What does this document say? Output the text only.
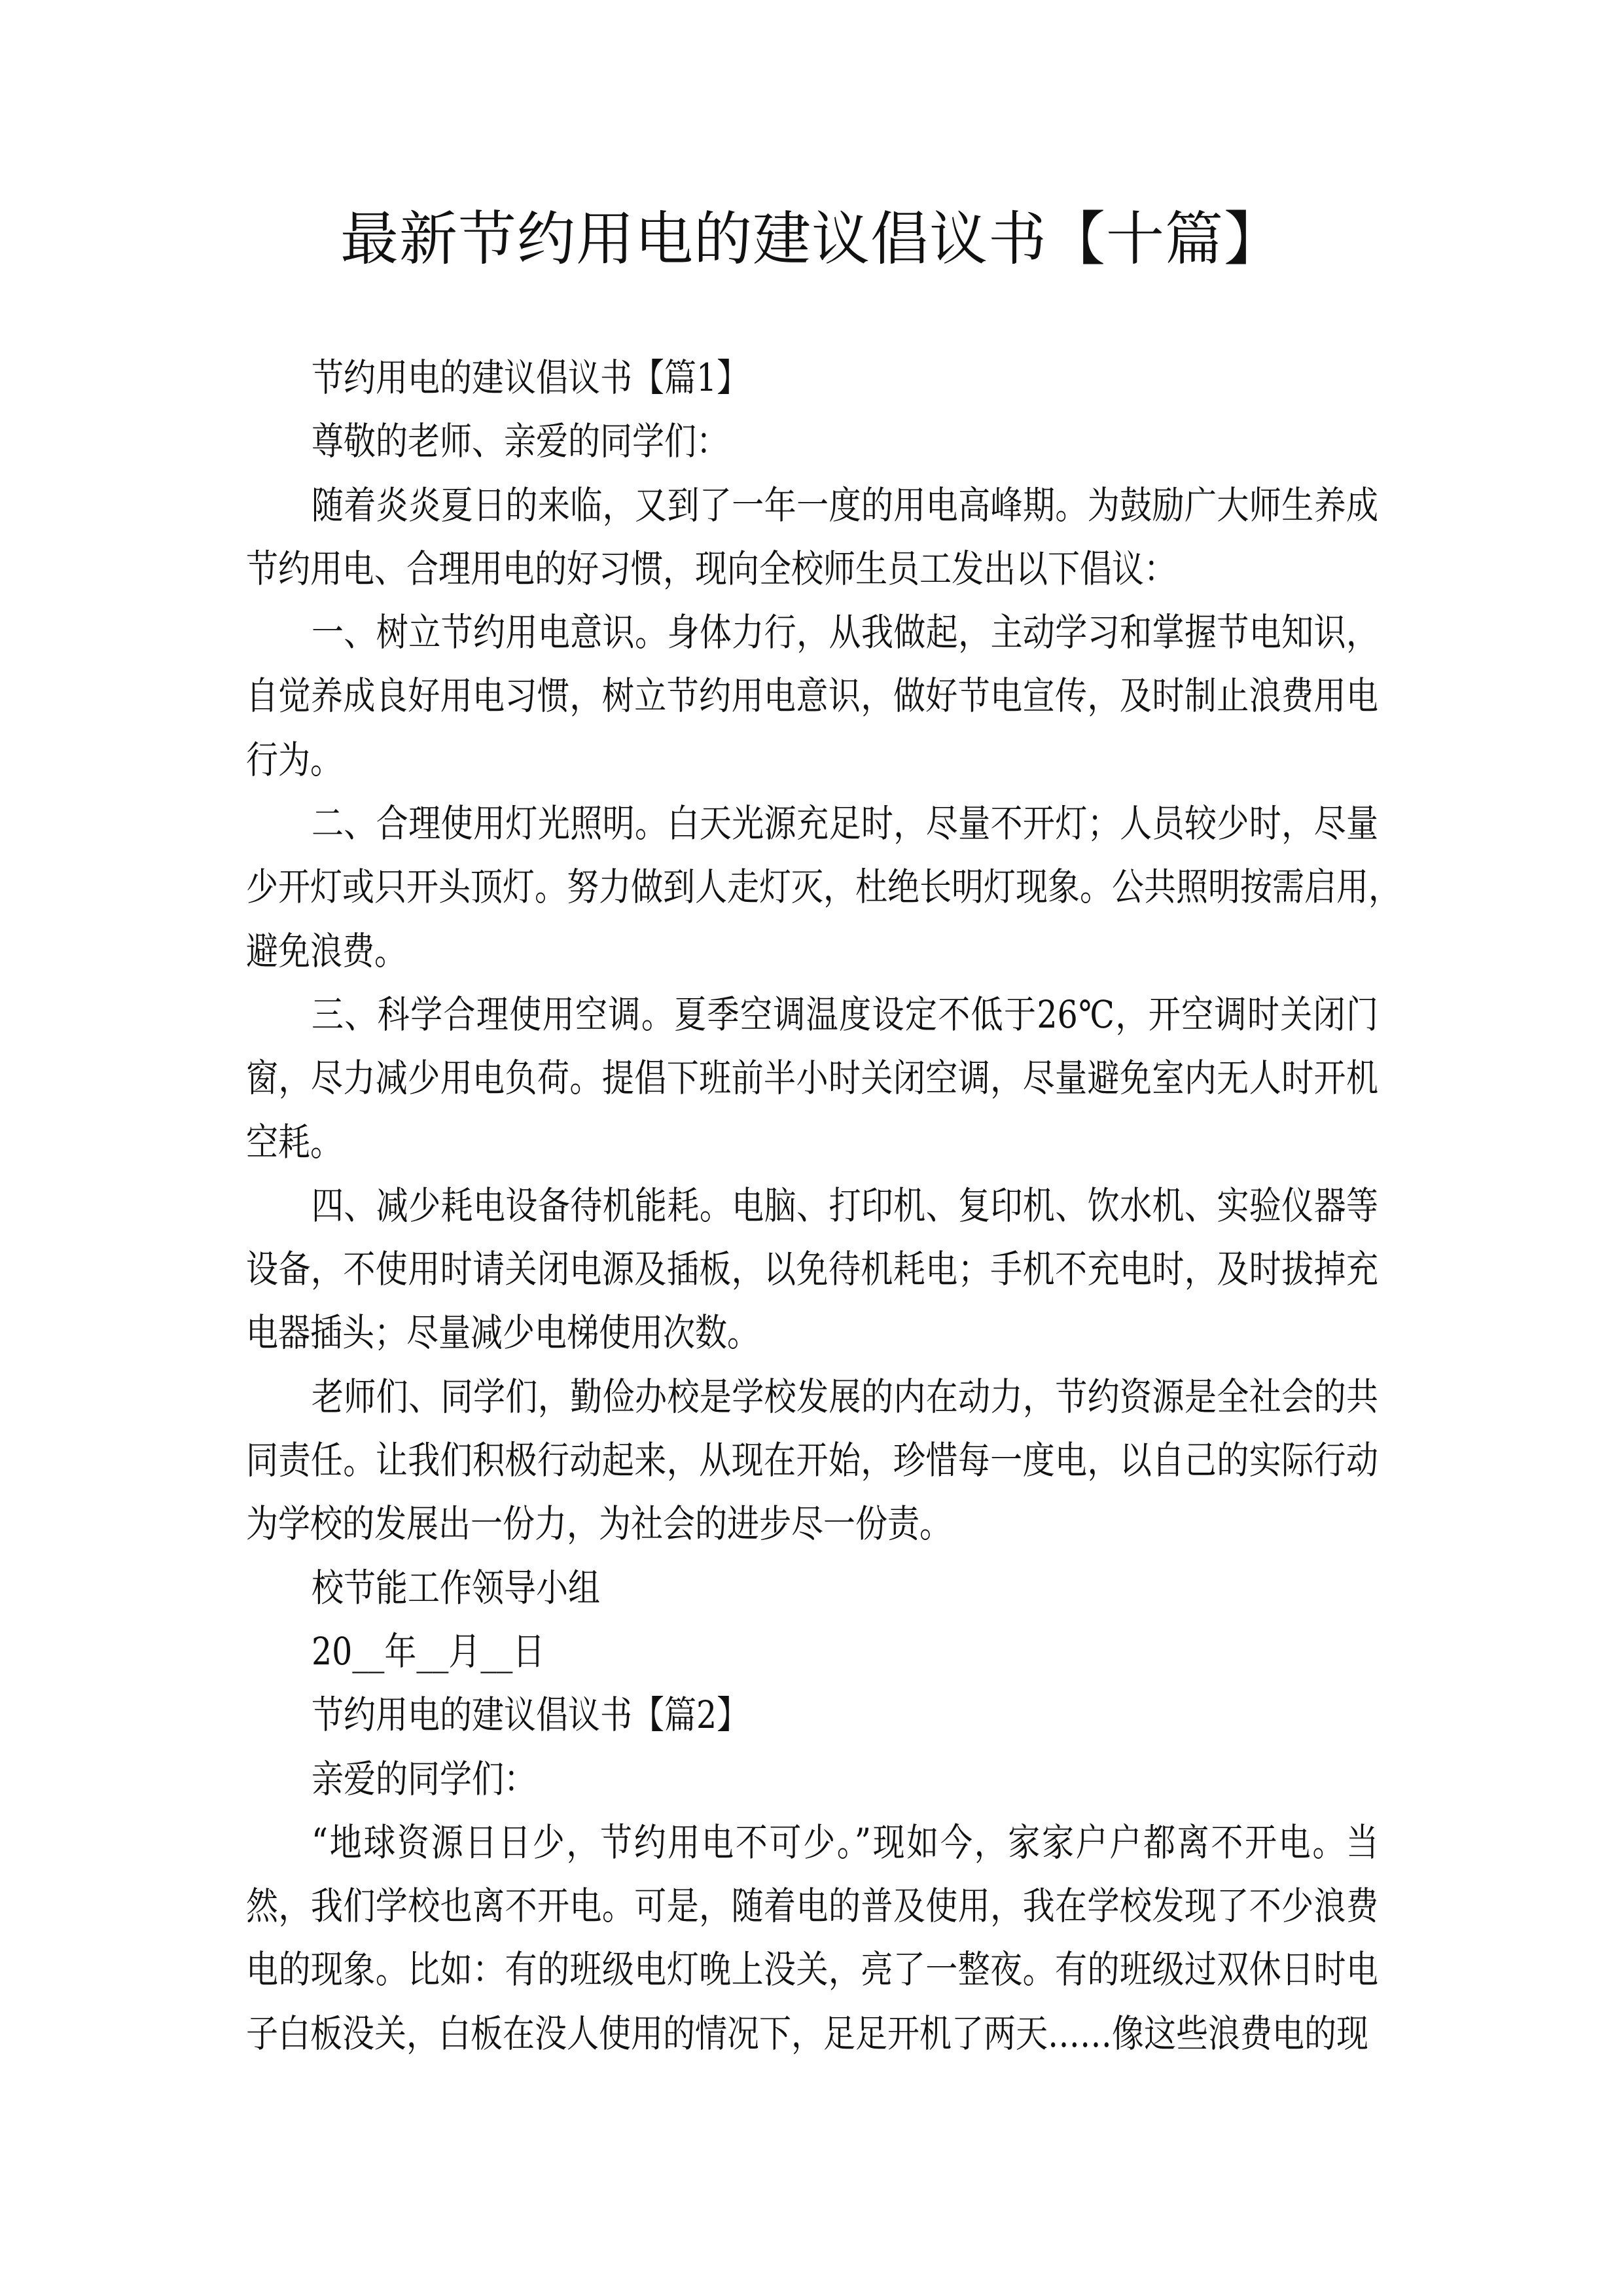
最新节约用电的建议倡议书【十篇】
节约用电的建议倡议书【篇1】
尊敬的老师、亲爱的同学们：
随着炎炎夏日的来临，又到了一年一度的用电高峰期。为鼓励广大师生养成
节约用电、合理用电的好习惯，现向全校师生员工发出以下倡议：
一、树立节约用电意识。身体力行，从我做起，主动学习和掌握节电知识，
自觉养成良好用电习惯，树立节约用电意识，做好节电宣传，及时制止浪费用电
行为。
二、合理使用灯光照明。白天光源充足时，尽量不开灯；人员较少时，尽量
少开灯或只开头顶灯。努力做到人走灯灭，杜绝长明灯现象。公共照明按需启用，
避免浪费。
三、科学合理使用空调。夏季空调温度设定不低于26℃，开空调时关闭门
窗，尽力减少用电负荷。提倡下班前半小时关闭空调，尽量避免室内无人时开机
空耗。
四、减少耗电设备待机能耗。电脑、打印机、复印机、饮水机、实验仪器等
设备，不使用时请关闭电源及插板，以免待机耗电；手机不充电时，及时拔掉充
电器插头；尽量减少电梯使用次数。
老师们、同学们，勤俭办校是学校发展的内在动力，节约资源是全社会的共
同责任。让我们积极行动起来，从现在开始，珍惜每一度电，以自己的实际行动
为学校的发展出一份力，为社会的进步尽一份责。
校节能工作领导小组
20__年__月__日
节约用电的建议倡议书【篇2】
亲爱的同学们：
“地球资源日日少，节约用电不可少。”现如今，家家户户都离不开电。当
然，我们学校也离不开电。可是，随着电的普及使用，我在学校发现了不少浪费
电的现象。比如：有的班级电灯晚上没关，亮了一整夜。有的班级过双休日时电
子白板没关，白板在没人使用的情况下，足足开机了两天……像这些浪费电的现
